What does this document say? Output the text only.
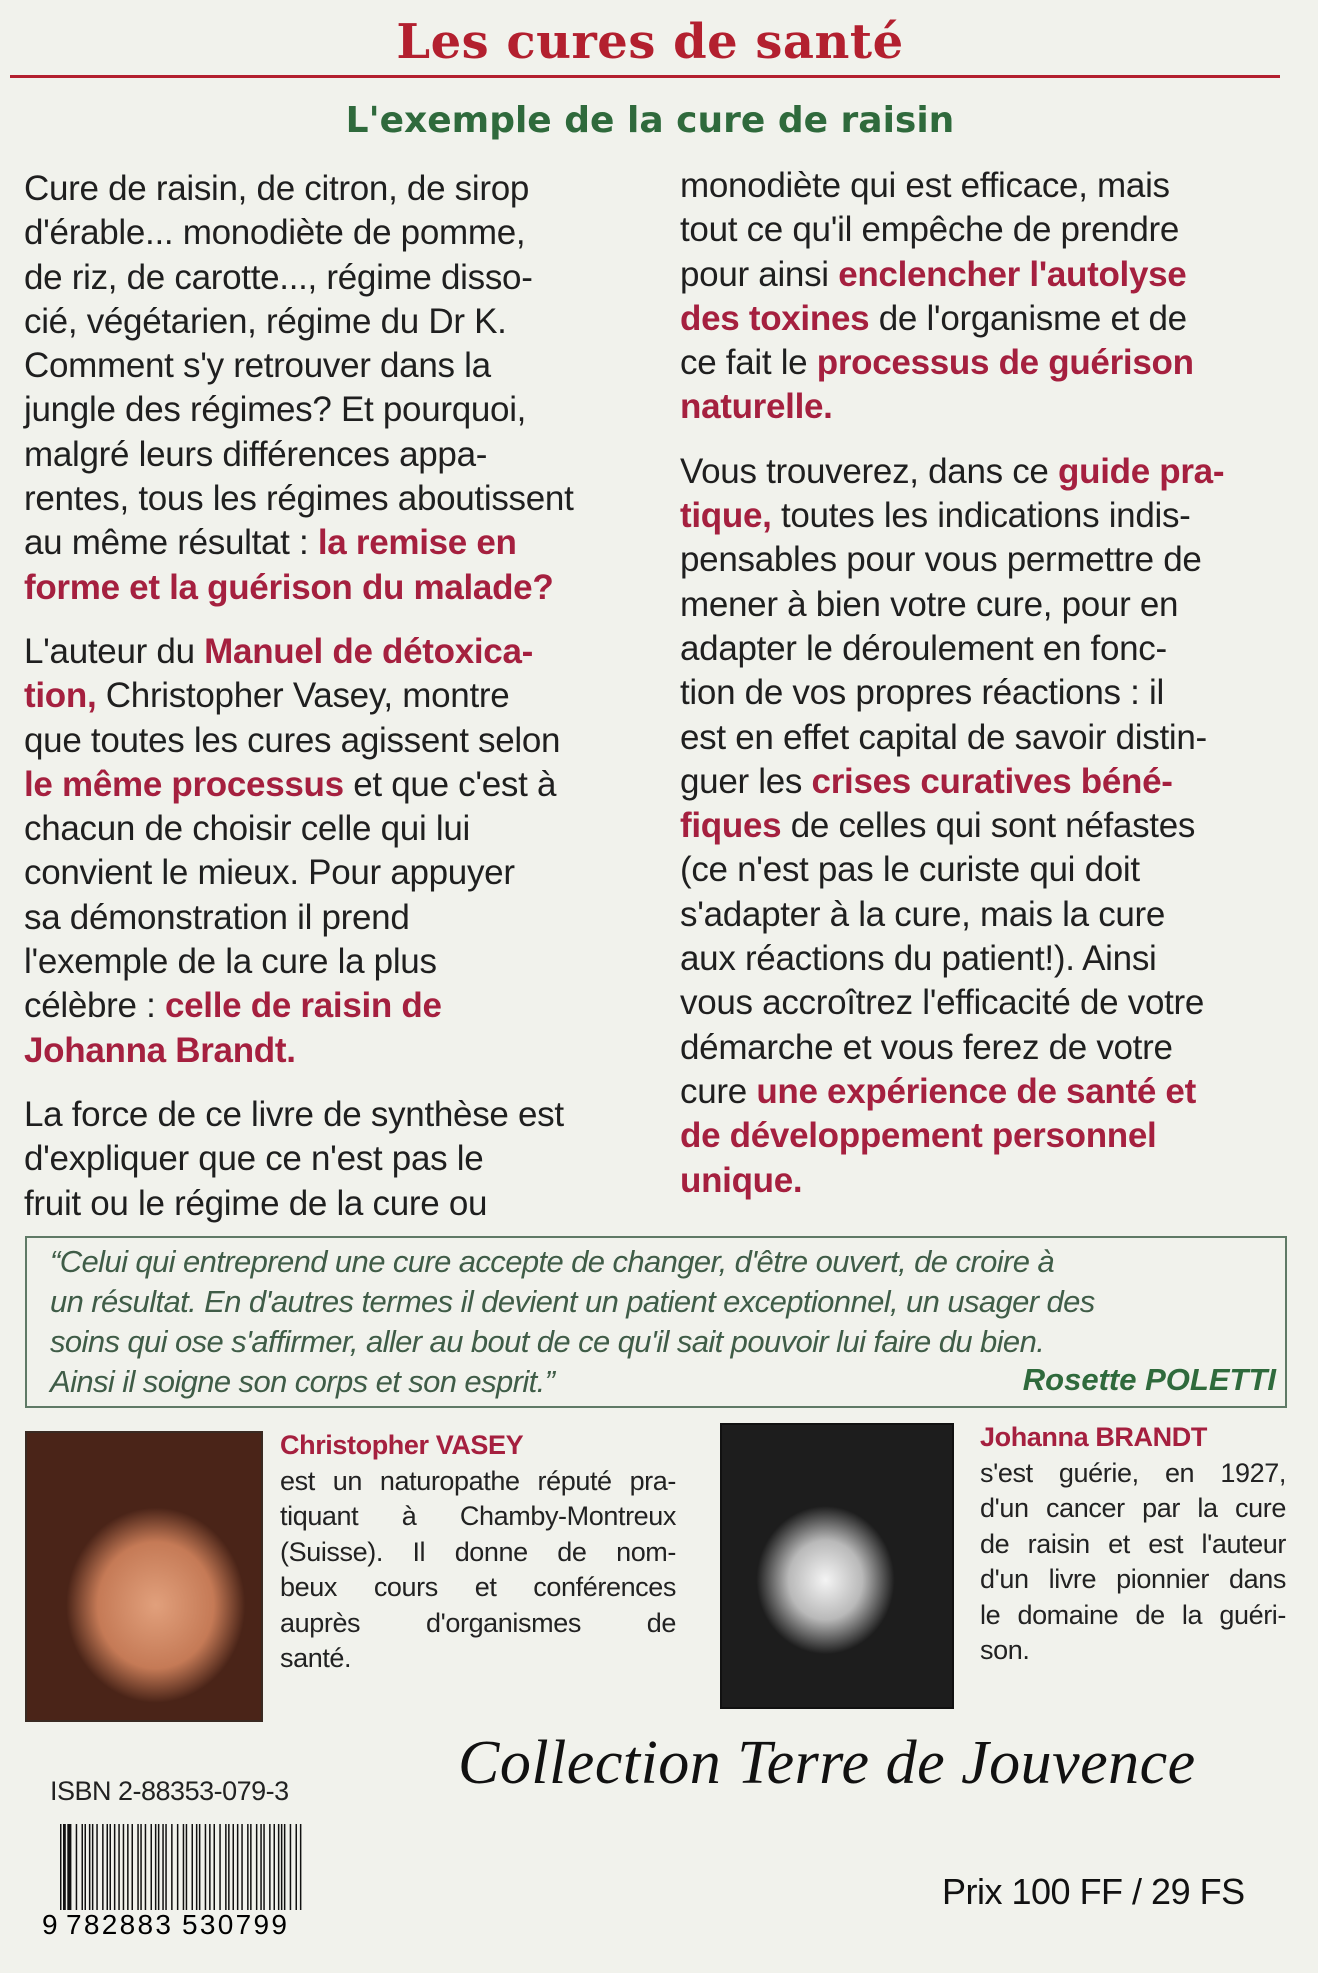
Les cures de santé
L'exemple de la cure de raisin
Cure de raisin, de citron, de sirop
d'érable... monodiète de pomme,
de riz, de carotte..., régime disso-
cié, végétarien, régime du Dr K.
Comment s'y retrouver dans la
jungle des régimes? Et pourquoi,
malgré leurs différences appa-
rentes, tous les régimes aboutissent
au même résultat : la remise en
forme et la guérison du malade?
L'auteur du Manuel de détoxica-
tion, Christopher Vasey, montre
que toutes les cures agissent selon
le même processus et que c'est à
chacun de choisir celle qui lui
convient le mieux. Pour appuyer
sa démonstration il prend
l'exemple de la cure la plus
célèbre : celle de raisin de
Johanna Brandt.
La force de ce livre de synthèse est
d'expliquer que ce n'est pas le
fruit ou le régime de la cure ou
monodiète qui est efficace, mais
tout ce qu'il empêche de prendre
pour ainsi enclencher l'autolyse
des toxines de l'organisme et de
ce fait le processus de guérison
naturelle.
Vous trouverez, dans ce guide pra-
tique, toutes les indications indis-
pensables pour vous permettre de
mener à bien votre cure, pour en
adapter le déroulement en fonc-
tion de vos propres réactions : il
est en effet capital de savoir distin-
guer les crises curatives béné-
fiques de celles qui sont néfastes
(ce n'est pas le curiste qui doit
s'adapter à la cure, mais la cure
aux réactions du patient!). Ainsi
vous accroîtrez l'efficacité de votre
démarche et vous ferez de votre
cure une expérience de santé et
de développement personnel
unique.
“Celui qui entreprend une cure accepte de changer, d'être ouvert, de croire à
un résultat. En d'autres termes il devient un patient exceptionnel, un usager des
soins qui ose s'affirmer, aller au bout de ce qu'il sait pouvoir lui faire du bien.
Ainsi il soigne son corps et son esprit.”	Rosette POLETTI
Christopher VASEY
est un naturopathe réputé pra-
tiquant à Chamby-Montreux
(Suisse). Il donne de nom-
beux cours et conférences
auprès d'organismes de
santé.
Johanna BRANDT
s'est guérie, en 1927,
d'un cancer par la cure
de raisin et est l'auteur
d'un livre pionnier dans
le domaine de la guéri-
son.
Collection Terre de Jouvence
ISBN 2-88353-079-3
9 782883 530799
Prix 100 FF / 29 FS
